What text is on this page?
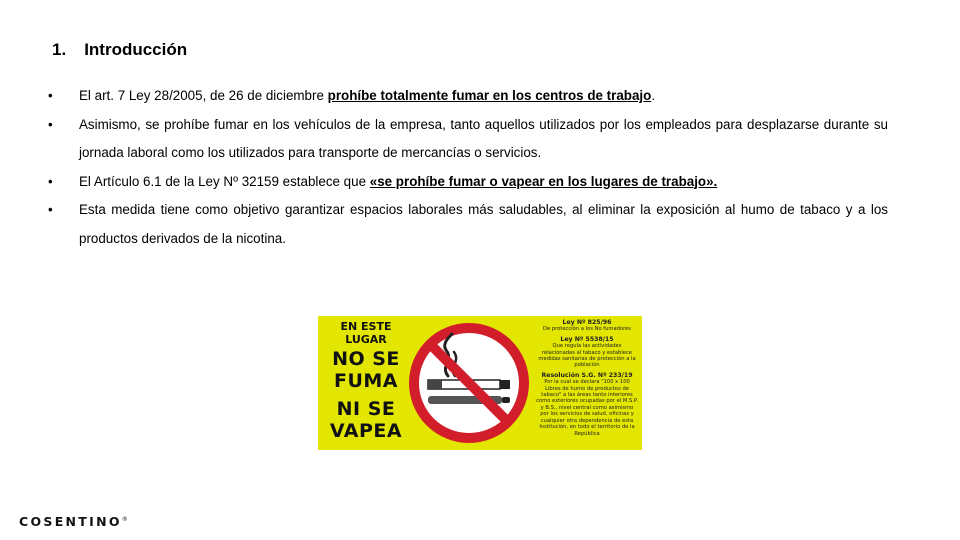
1. Introducción
• El art. 7 Ley 28/2005, de 26 de diciembre prohíbe totalmente fumar en los centros de trabajo.
• Asimismo, se prohíbe fumar en los vehículos de la empresa, tanto aquellos utilizados por los empleados para desplazarse durante su jornada laboral como los utilizados para transporte de mercancías o servicios.
• El Artículo 6.1 de la Ley Nº 32159 establece que «se prohíbe fumar o vapear en los lugares de trabajo».
• Esta medida tiene como objetivo garantizar espacios laborales más saludables, al eliminar la exposición al humo de tabaco y a los productos derivados de la nicotina.
EN ESTE LUGAR
NO SE FUMA
NI SE VAPEA
Ley Nº 825/96
De protección a los No fumadores
Ley Nº 5538/15
Que regula las actividades relacionadas al tabaco y establece medidas sanitarias de protección a la población
Resolución S.G. Nº 233/19
Por la cual se declara "100 x 100 Libres de humo de productos de tabaco" a las áreas tanto interiores como exteriores ocupadas por el M.S.P. y B.S., nivel central como asimismo por los servicios de salud, oficinas y cualquier otra dependencia de esta Institución, en todo el territorio de la República
COSENTINO®
